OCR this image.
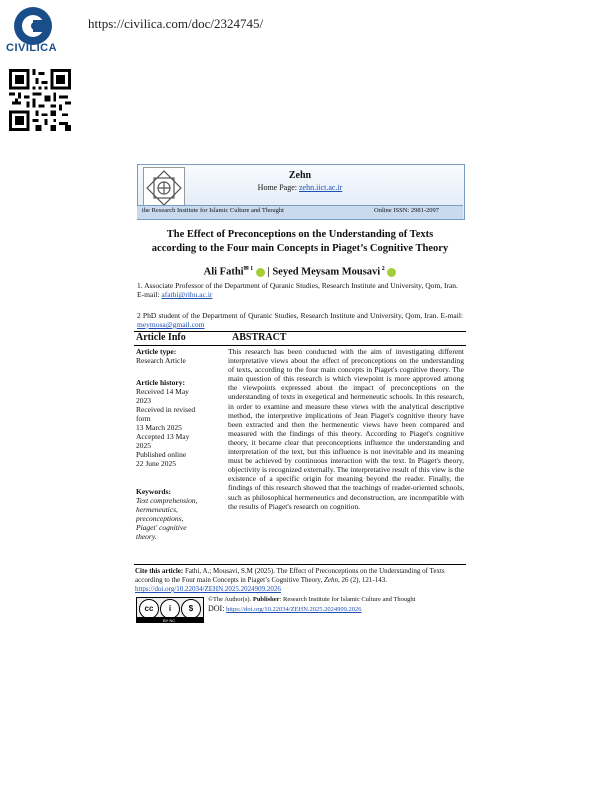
CIVILICA
https://civilica.com/doc/2324745/
Zehn
Home Page: zehn.iict.ac.ir
the Research Institute for Islamic Culture and Thought	Online ISSN: 2981-2097
The Effect of Preconceptions on the Understanding of Texts
according to the Four main Concepts in Piaget’s Cognitive Theory
Ali Fathi$^{✉ 1}$  | Seyed Meysam Mousavi $^2$
1. Associate Professor of the Department of Quranic Studies, Research Institute and University, Qom, Iran.
E-mail: afathi@rihu.ac.ir
2 PhD student of the Department of Quranic Studies, Research Institute and University, Qom, Iran. E-mail: meymosa@gmail.com
Article Info	ABSTRACT
Article type:
Research Article
Article history:
Received 14 May
2023
Received in revised
form
13 March 2025
Accepted 13 May
2025
Published online
22 June 2025
Keywords:
Text comprehension,
hermeneutics,
preconceptions,
Piaget' cognitive
theory.
This research has been conducted with the aim of investigating different interpretative views about the effect of preconceptions on the understanding of texts, according to the four main concepts in Piaget's cognitive theory. The main question of this research is which viewpoint is more approved among the viewpoints expressed about the impact of preconceptions on the understanding of texts in exegetical and hermeneutic schools. In this research, in order to examine and measure these views with the analytical descriptive method, the interpretive implications of Jean Piaget's cognitive theory have been extracted and then the hermeneutic views have been compared and measured with the findings of this theory. According to Piaget's cognitive theory, it became clear that preconceptions influence the understanding and interpretation of the text, but this influence is not inevitable and its meaning must be achieved by continuous interaction with the text. In Piaget's theory, objectivity is recognized externally. The interpretative result of this view is the existence of a specific origin for meaning beyond the reader. Finally, the findings of this research showed that the teachings of reader-oriented schools, such as philosophical hermeneutics and deconstruction, are incompatible with the results of Piaget's research on cognition.
Cite this article: Fathi, A.; Mousavi, S.M (2025). The Effect of Preconceptions on the Understanding of Texts according to the Four main Concepts in Piaget’s Cognitive Theory, Zehn, 26 (2), 121-143.
https://doi.org/10.22034/ZEHN.2025.2024909.2026
cc	i	$
BY NC
©The Author(s). Publisher: Research Institute for Islamic Culture and Thought
DOI: https://doi.org/10.22034/ZEHN.2025.2024909.2026
